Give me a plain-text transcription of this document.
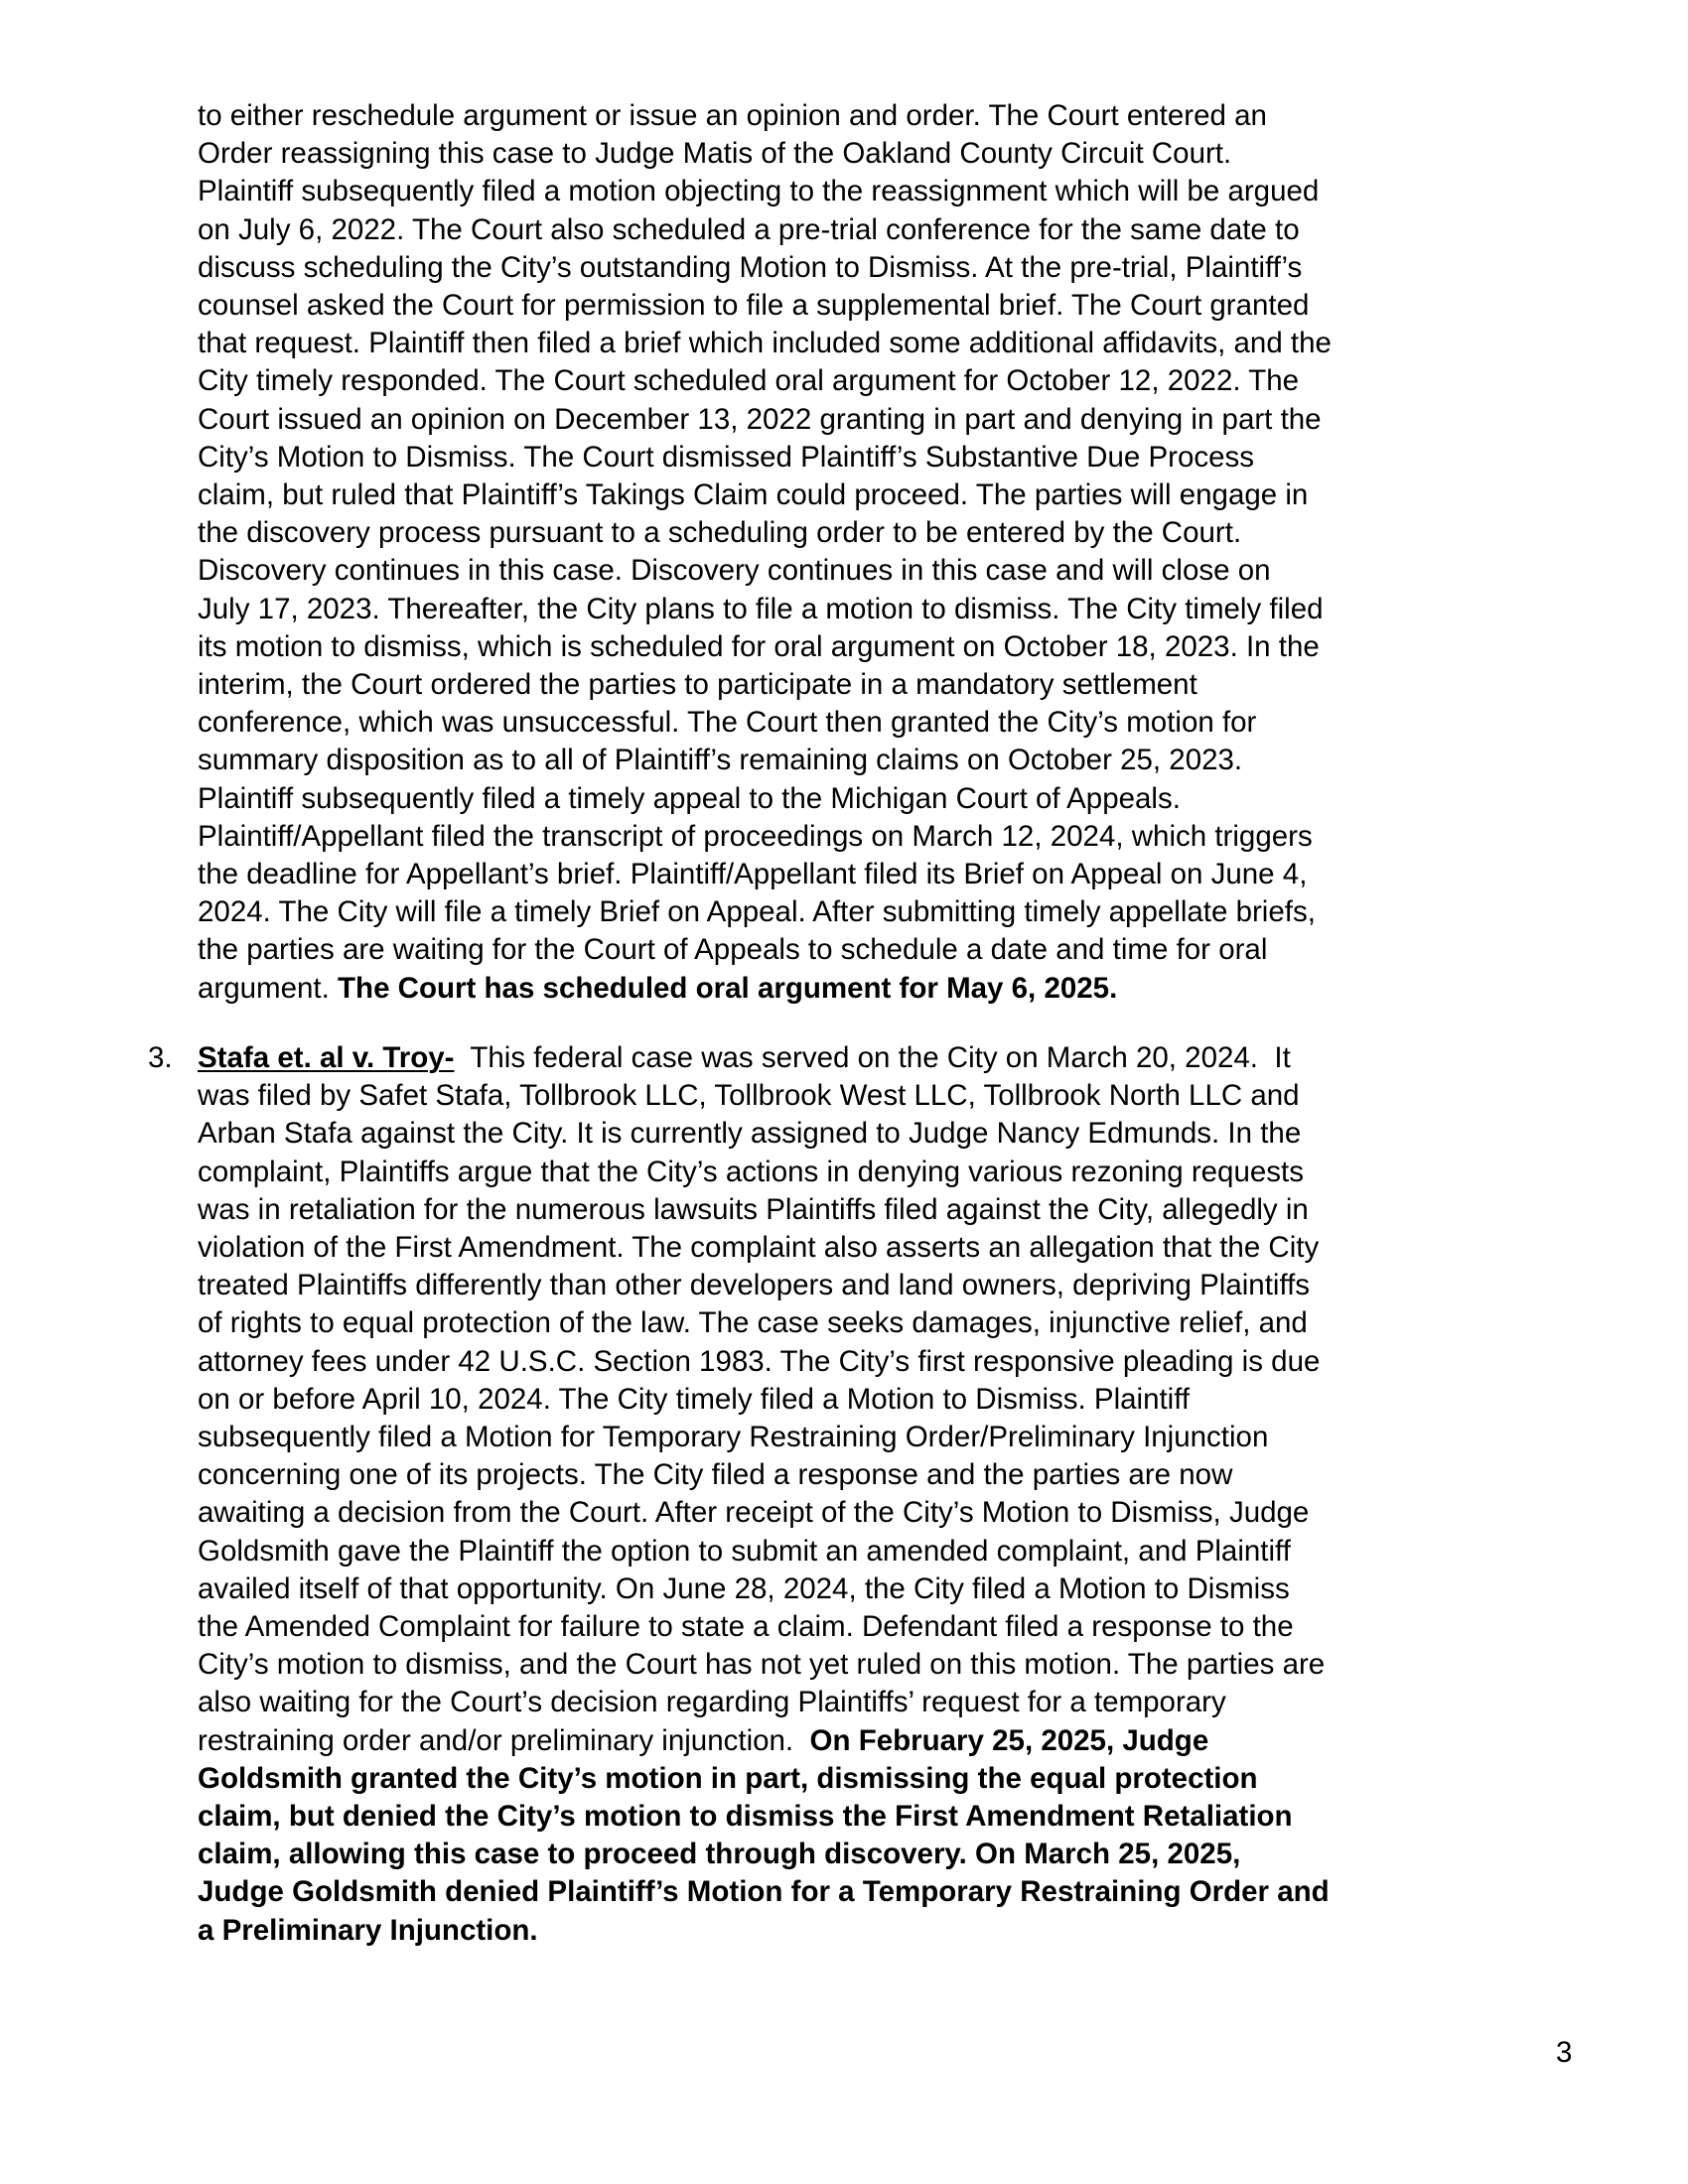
to either reschedule argument or issue an opinion and order. The Court entered an
Order reassigning this case to Judge Matis of the Oakland County Circuit Court.
Plaintiff subsequently filed a motion objecting to the reassignment which will be argued
on July 6, 2022. The Court also scheduled a pre-trial conference for the same date to
discuss scheduling the City’s outstanding Motion to Dismiss. At the pre-trial, Plaintiff’s
counsel asked the Court for permission to file a supplemental brief. The Court granted
that request. Plaintiff then filed a brief which included some additional affidavits, and the
City timely responded. The Court scheduled oral argument for October 12, 2022. The
Court issued an opinion on December 13, 2022 granting in part and denying in part the
City’s Motion to Dismiss. The Court dismissed Plaintiff’s Substantive Due Process
claim, but ruled that Plaintiff’s Takings Claim could proceed. The parties will engage in
the discovery process pursuant to a scheduling order to be entered by the Court.
Discovery continues in this case. Discovery continues in this case and will close on
July 17, 2023. Thereafter, the City plans to file a motion to dismiss. The City timely filed
its motion to dismiss, which is scheduled for oral argument on October 18, 2023. In the
interim, the Court ordered the parties to participate in a mandatory settlement
conference, which was unsuccessful. The Court then granted the City’s motion for
summary disposition as to all of Plaintiff’s remaining claims on October 25, 2023.
Plaintiff subsequently filed a timely appeal to the Michigan Court of Appeals.
Plaintiff/Appellant filed the transcript of proceedings on March 12, 2024, which triggers
the deadline for Appellant’s brief. Plaintiff/Appellant filed its Brief on Appeal on June 4,
2024. The City will file a timely Brief on Appeal. After submitting timely appellate briefs,
the parties are waiting for the Court of Appeals to schedule a date and time for oral
argument. The Court has scheduled oral argument for May 6, 2025.
3. Stafa et. al v. Troy-  This federal case was served on the City on March 20, 2024.  It
was filed by Safet Stafa, Tollbrook LLC, Tollbrook West LLC, Tollbrook North LLC and
Arban Stafa against the City. It is currently assigned to Judge Nancy Edmunds. In the
complaint, Plaintiffs argue that the City’s actions in denying various rezoning requests
was in retaliation for the numerous lawsuits Plaintiffs filed against the City, allegedly in
violation of the First Amendment. The complaint also asserts an allegation that the City
treated Plaintiffs differently than other developers and land owners, depriving Plaintiffs
of rights to equal protection of the law. The case seeks damages, injunctive relief, and
attorney fees under 42 U.S.C. Section 1983. The City’s first responsive pleading is due
on or before April 10, 2024. The City timely filed a Motion to Dismiss. Plaintiff
subsequently filed a Motion for Temporary Restraining Order/Preliminary Injunction
concerning one of its projects. The City filed a response and the parties are now
awaiting a decision from the Court. After receipt of the City’s Motion to Dismiss, Judge
Goldsmith gave the Plaintiff the option to submit an amended complaint, and Plaintiff
availed itself of that opportunity. On June 28, 2024, the City filed a Motion to Dismiss
the Amended Complaint for failure to state a claim. Defendant filed a response to the
City’s motion to dismiss, and the Court has not yet ruled on this motion. The parties are
also waiting for the Court’s decision regarding Plaintiffs’ request for a temporary
restraining order and/or preliminary injunction.  On February 25, 2025, Judge
Goldsmith granted the City’s motion in part, dismissing the equal protection
claim, but denied the City’s motion to dismiss the First Amendment Retaliation
claim, allowing this case to proceed through discovery. On March 25, 2025,
Judge Goldsmith denied Plaintiff’s Motion for a Temporary Restraining Order and
a Preliminary Injunction.
3
